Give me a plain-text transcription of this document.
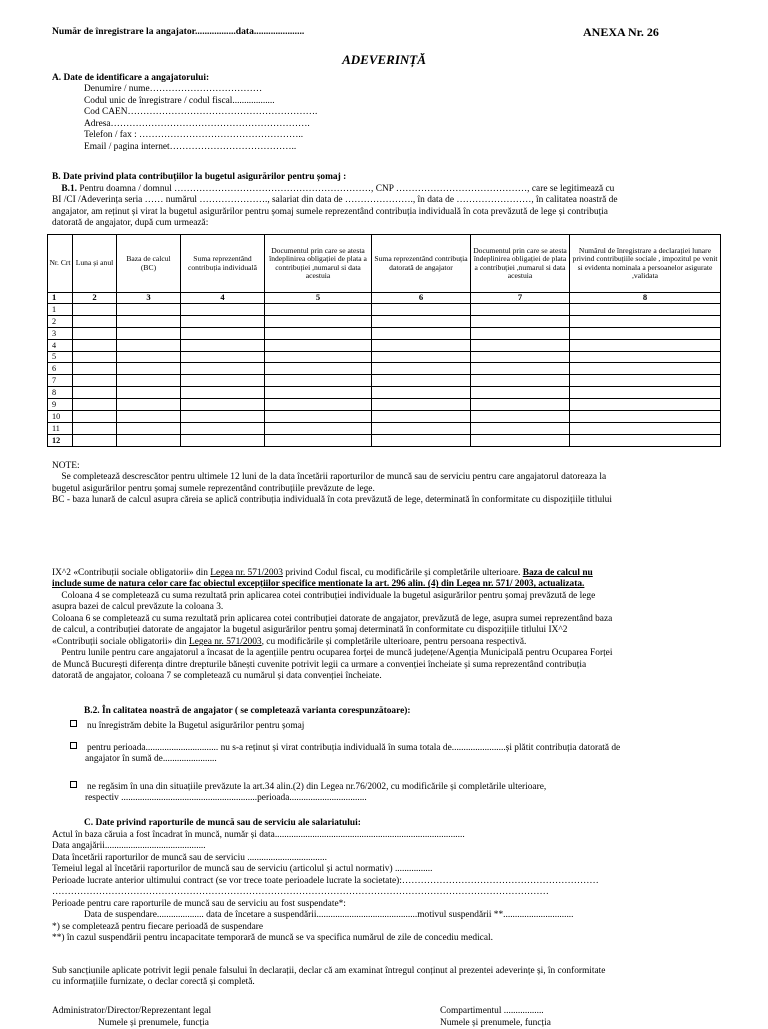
Număr de înregistrare la angajator.................data.....................	ANEXA Nr. 26
ADEVERINȚĂ
A. Date de identificare a angajatorului:
Denumire / nume………………………………
Codul unic de înregistrare / codul fiscal..................
Cod CAEN…………………………………………………….
Adresa……………………………………………………….
Telefon / fax : ……………………………………………..
Email / pagina internet…………………………………..
B. Date privind plata contribuțiilor la bugetul asigurărilor pentru șomaj :

B.1. Pentru doamna / domnul ………………………………………………………, CNP ……………………………………, care se legitimează cu

BI /CI /Adeverința seria …… numărul …………………., salariat din data de …………………., în data de ……………………, în calitatea noastră de

angajator, am reținut și virat la bugetul asigurărilor pentru șomaj sumele reprezentând contribuția individuală în cota prevăzută de lege și contribuția

datorată de angajator, după cum urmează:

Nr. Crt	Luna și anul	Baza de calcul (BC)	Suma reprezentând contribuția individuală	Documentul prin care se atesta îndeplinirea obligației de plata a contribuției ,numarul si data acestuia	Suma reprezentând contribuția datorată de angajator	Documentul prin care se atesta îndeplinirea obligației de plata a contribuției ,numarul si data acestuia	Numărul de înregistrare a declarației lunare privind contribuțiile sociale , impozitul pe venit si evidenta nominala a persoanelor asigurate ,validata
1	2	3	4	5	6	7	8
1							
2							
3							
4							
5							
6							
7							
8							
9							
10							
11							
12							

NOTE:

Se completează descrescător pentru ultimele 12 luni de la data încetării raporturilor de muncă sau de serviciu pentru care angajatorul datoreaza la

bugetul asigurărilor pentru șomaj sumele reprezentând contribuțiile prevăzute de lege.

BC - baza lunară de calcul asupra căreia se aplică contribuția individuală în cota prevăzută de lege, determinată în conformitate cu dispozițiile titlului

IX^2 «Contribuții sociale obligatorii» din Legea nr. 571/2003 privind Codul fiscal, cu modificările și completările ulterioare. Baza de calcul nu

include sume de natura celor care fac obiectul excepțiilor specifice mentionate la art. 296 alin. (4) din Legea nr. 571/ 2003, actualizata.

Coloana 4 se completează cu suma rezultată prin aplicarea cotei contribuției individuale la bugetul asigurărilor pentru șomaj prevăzută de lege

asupra bazei de calcul prevăzute la coloana 3.

Coloana 6 se completează cu suma rezultată prin aplicarea cotei contribuției datorate de angajator, prevăzută de lege, asupra sumei reprezentând baza

de calcul, a contribuției datorate de angajator la bugetul asigurărilor pentru șomaj determinată în conformitate cu dispozițiile titlului IX^2

«Contribuții sociale obligatorii» din Legea nr. 571/2003, cu modificările și completările ulterioare, pentru persoana respectivă.

Pentru lunile pentru care angajatorul a încasat de la agențiile pentru ocuparea forței de muncă județene/Agenția Municipală pentru Ocuparea Forței

de Muncă București diferența dintre drepturile bănești cuvenite potrivit legii ca urmare a convenției încheiate și suma reprezentând contribuția

datorată de angajator, coloana 7 se completează cu numărul și data convenției încheiate.

B.2. În calitatea noastră de angajator ( se completează varianta corespunzătoare):
nu înregistrăm debite la Bugetul asigurărilor pentru șomaj
pentru perioada............................... nu s-a reținut și virat contribuția individuală în suma totala de.......................și plătit contribuția datorată de
angajator în sumă de.......................
ne regăsim în una din situațiile prevăzute la art.34 alin.(2) din Legea nr.76/2002, cu modificările și completările ulterioare,
respectiv ..........................................................perioada.................................
C. Date privind raporturile de muncă sau de serviciu ale salariatului:

Actul în baza căruia a fost încadrat în muncă, număr și data.................................................................................

Data angajării...........................................

Data încetării raporturilor de muncă sau de serviciu ..................................

Temeiul legal al încetării raporturilor de muncă sau de serviciu (articolul și actul normativ) ................

Perioade lucrate anterior ultimului contract (se vor trece toate perioadele lucrate la societate):………………………………………………………

……………………………………………………………………………………………………………………………………………

Perioade pentru care raporturile de muncă sau de serviciu au fost suspendate*:

Data de suspendare.................... data de încetare a suspendării...........................................motivul suspendării **..............................

*) se completează pentru fiecare perioadă de suspendare

**) în cazul suspendării pentru incapacitate temporară de muncă se va specifica numărul de zile de concediu medical.

Sub sancțiunile aplicate potrivit legii penale falsului în declarații, declar că am examinat întregul conținut al prezentei adeverințe și, în conformitate

cu informațiile furnizate, o declar corectă și completă.

Administrator/Director/Reprezentant legal	Compartimentul .................
Numele și prenumele, funcția	Numele și prenumele, funcția
